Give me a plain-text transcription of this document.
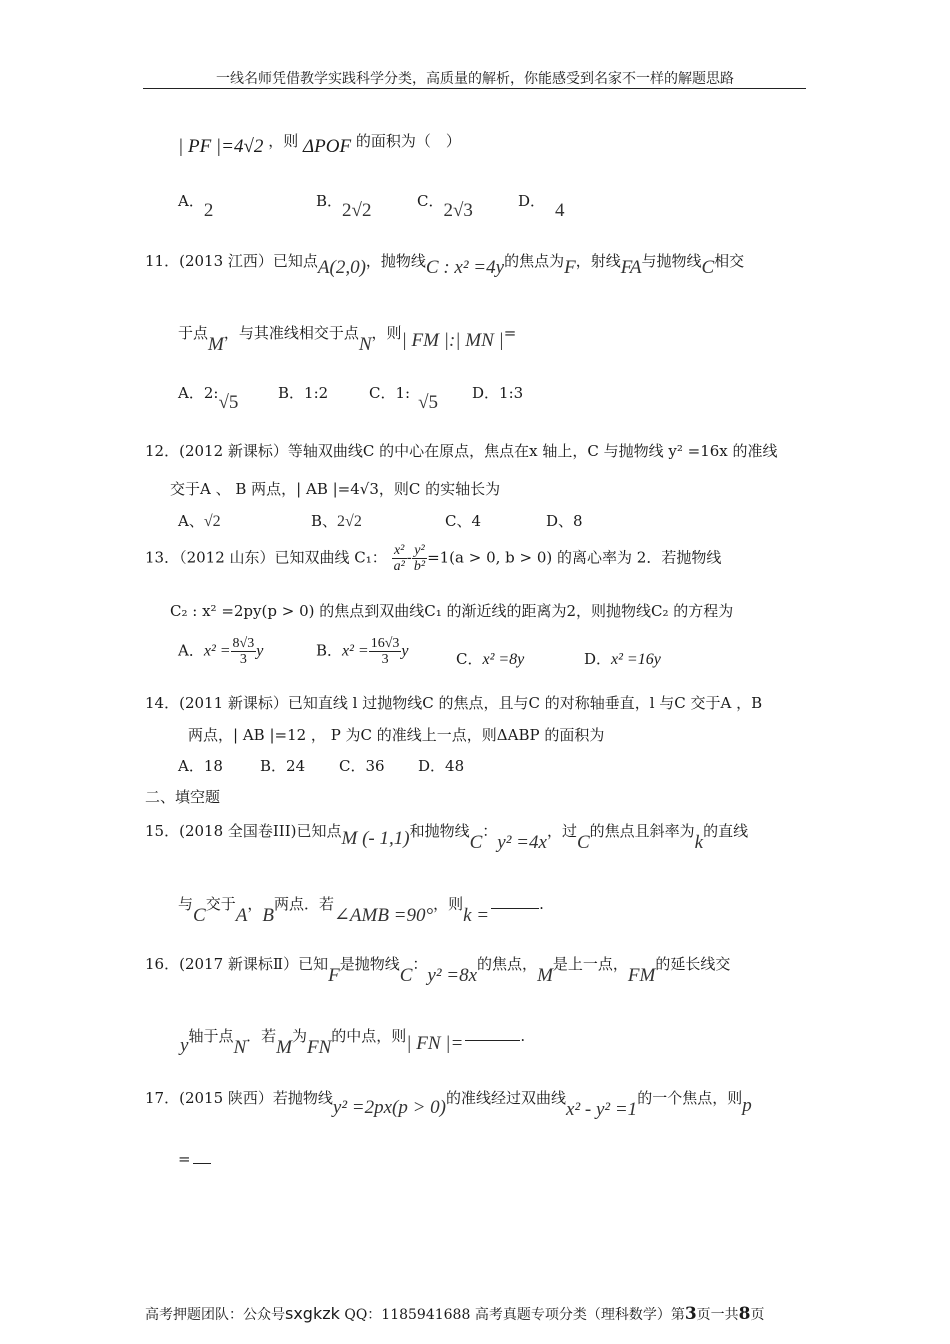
一线名师凭借教学实践科学分类，高质量的解析，你能感受到名家不一样的解题思路
| PF |=4√2 ，则 ΔPOF 的面积为（　）
A．2	B．2√2	C．2√3	D． 4
11．(2013 江西）已知点A(2,0)，抛物线C : x² =4y的焦点为F，射线FA与抛物线C相交
于点M，与其准线相交于点N，则| FM |:| MN |=
A．2:√5	B．1:2	C．1: √5 D．1:3
12．(2012 新课标）等轴双曲线C 的中心在原点，焦点在x 轴上，C 与抛物线 y² =16x 的准线
交于A 、 B 两点，| AB |=4√3，则C 的实轴长为
A、√2	B、2√2	C、4	D、8
13．（2012 山东）已知双曲线 C₁： $\frac{\text{x²}}{\text{a²}} - \frac{\text{y²}}{\text{b²}} =1(a > 0$, b > 0) 的离心率为 2．若抛物线
C₂ : x² =2py(p > 0) 的焦点到双曲线C₁ 的渐近线的距离为2，则抛物线C₂ 的方程为
A．$x^2 = \frac{8√3}{3}$ y	B．$x^2 = \frac{16√3}{3}$ y	C．x² =8y	D．x² =16y
14．(2011 新课标）已知直线 l 过抛物线C 的焦点，且与C 的对称轴垂直，l 与C 交于A ，B
两点，| AB |=12 ， P 为C 的准线上一点，则ΔABP 的面积为
A．18 B．24 C．36 D．48
二、填空题
15．(2018 全国卷III)已知点M (- 1,1)和抛物线C：y² =4x，过C的焦点且斜率为k的直线
与C交于A，B两点．若∠AMB =90°，则k =.
16．(2017 新课标Ⅱ）已知F是抛物线C：y² =8x的焦点，M是上一点，FM的延长线交
y轴于点N．若M为FN的中点，则| FN |=	.
17．(2015 陕西）若抛物线y² =2px(p > 0)的准线经过双曲线x² - y² =1的一个焦点，则p
=
高考押题团队：公众号sxgkzk QQ：1185941688 高考真题专项分类（理科数学）第3页一共8页
